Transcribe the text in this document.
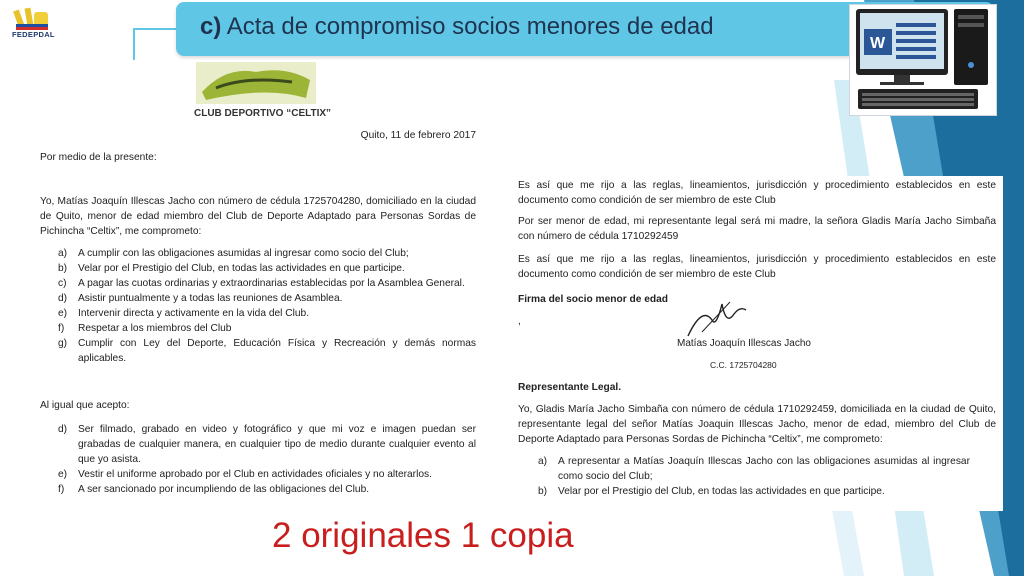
FEDEPDAL	c) Acta de compromiso socios menores de edad
W
CLUB DEPORTIVO “CELTIX”
Quito, 11 de febrero 2017
Por medio de la presente:
Yo, Matías Joaquín Illescas Jacho con número de cédula 1725704280, domiciliado en la ciudad de Quito, menor de edad miembro del Club de Deporte Adaptado para Personas Sordas de Pichincha “Celtix”, me comprometo:
a)	A cumplir con las obligaciones asumidas al ingresar como socio del Club;
b)	Velar por el Prestigio del Club, en todas las actividades en que participe.
c)	A pagar las cuotas ordinarias y extraordinarias establecidas por la Asamblea General.
d)	Asistir puntualmente y a todas las reuniones de Asamblea.
e)	Intervenir directa y activamente en la vida del Club.
f)	Respetar a los miembros del Club
g)	Cumplir con Ley del Deporte, Educación Física y Recreación y demás normas aplicables.
Al igual que acepto:
d)	Ser filmado, grabado en video y fotográfico y que mi voz e imagen puedan ser grabadas de cualquier manera, en cualquier tipo de medio durante cualquier evento al que yo asista.
e)	Vestir el uniforme aprobado por el Club en actividades oficiales y no alterarlos.
f)	A ser sancionado por incumpliendo de las obligaciones del Club.
Es así que me rijo a las reglas, lineamientos, jurisdicción y procedimiento establecidos en este documento como condición de ser miembro de este Club
Por ser menor de edad, mi representante legal será mi madre, la señora Gladis María Jacho Simbaña con número de cédula 1710292459
Es así que me rijo a las reglas, lineamientos, jurisdicción y procedimiento establecidos en este documento como condición de ser miembro de este Club
Firma del socio menor de edad
,
Matías Joaquín Illescas Jacho
C.C. 1725704280
Representante Legal.
Yo, Gladis María Jacho Simbaña con número de cédula 1710292459, domiciliada en la ciudad de Quito, representante legal del señor Matías Joaquin Illescas Jacho, menor de edad, miembro del Club de Deporte Adaptado para Personas Sordas de Pichincha “Celtix”, me comprometo:
a)	A representar a Matías Joaquín Illescas Jacho con las obligaciones asumidas al ingresar como socio del Club;
b)	Velar por el Prestigio del Club, en todas las actividades en que participe.
2 originales 1 copia
